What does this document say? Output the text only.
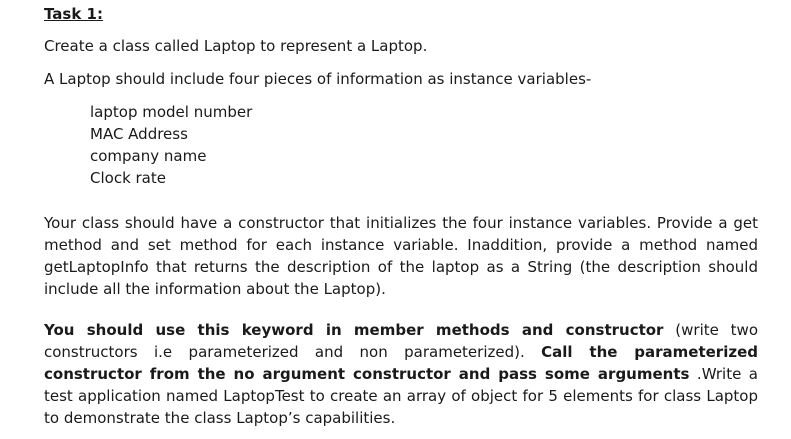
Task 1:
Create a class called Laptop to represent a Laptop.
A Laptop should include four pieces of information as instance variables-
laptop model number
MAC Address
company name
Clock rate

Your class should have a constructor that initializes the four instance variables. Provide a get method and set method for each instance variable. Inaddition, provide a method named getLaptopInfo that returns the description of the laptop as a String (the description should include all the information about the Laptop).

You should use this keyword in member methods and constructor (write two constructors i.e parameterized and non parameterized). Call the parameterized constructor from the no argument constructor and pass some arguments .Write a test application named LaptopTest to create an array of object for 5 elements for class Laptop to demonstrate the class Laptop’s capabilities.
